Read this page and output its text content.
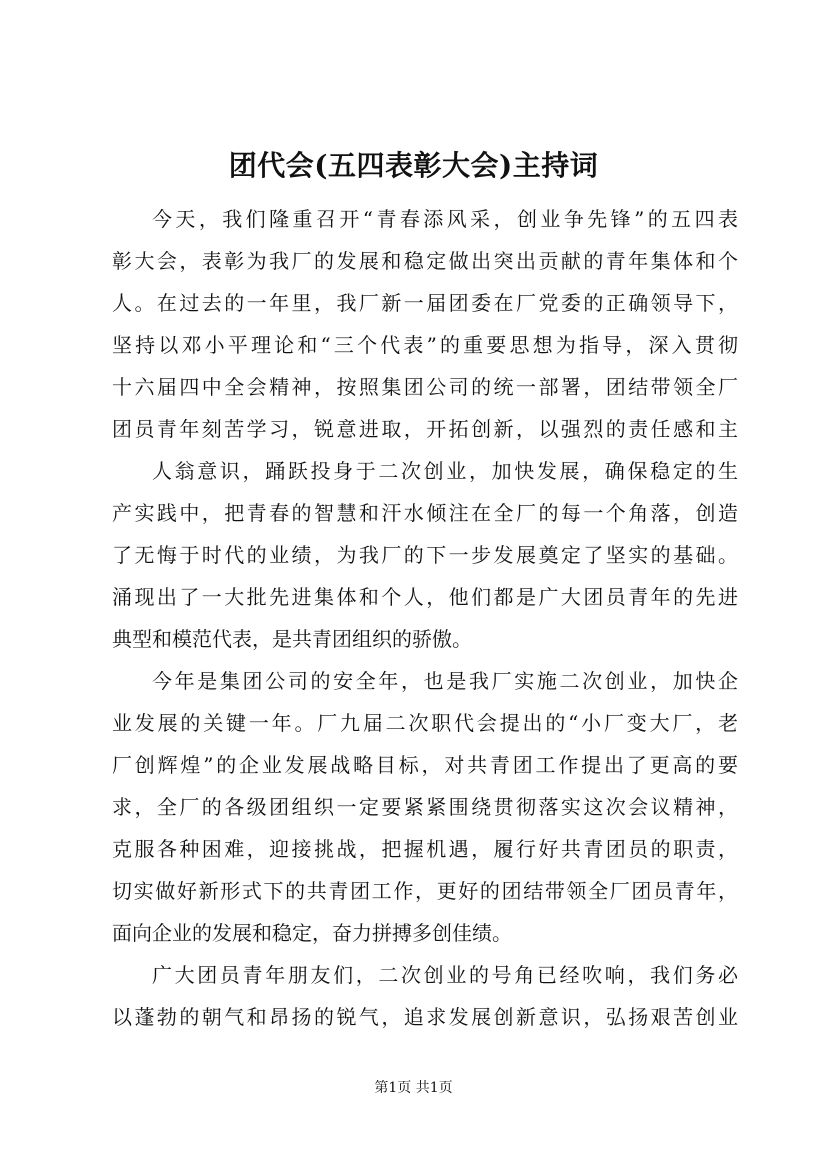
团代会(五四表彰大会)主持词
今天，我们隆重召开“青春添风采，创业争先锋”的五四表
彰大会，表彰为我厂的发展和稳定做出突出贡献的青年集体和个
人。在过去的一年里，我厂新一届团委在厂党委的正确领导下，
坚持以邓小平理论和“三个代表”的重要思想为指导，深入贯彻
十六届四中全会精神，按照集团公司的统一部署，团结带领全厂
团员青年刻苦学习，锐意进取，开拓创新，以强烈的责任感和主
人翁意识，踊跃投身于二次创业，加快发展，确保稳定的生
产实践中，把青春的智慧和汗水倾注在全厂的每一个角落，创造
了无悔于时代的业绩，为我厂的下一步发展奠定了坚实的基础。
涌现出了一大批先进集体和个人，他们都是广大团员青年的先进
典型和模范代表，是共青团组织的骄傲。
今年是集团公司的安全年，也是我厂实施二次创业，加快企
业发展的关键一年。厂九届二次职代会提出的“小厂变大厂，老
厂创辉煌”的企业发展战略目标，对共青团工作提出了更高的要
求，全厂的各级团组织一定要紧紧围绕贯彻落实这次会议精神，
克服各种困难，迎接挑战，把握机遇，履行好共青团员的职责，
切实做好新形式下的共青团工作，更好的团结带领全厂团员青年，
面向企业的发展和稳定，奋力拼搏多创佳绩。
广大团员青年朋友们，二次创业的号角已经吹响，我们务必
以蓬勃的朝气和昂扬的锐气，追求发展创新意识，弘扬艰苦创业
第1页 共1页
